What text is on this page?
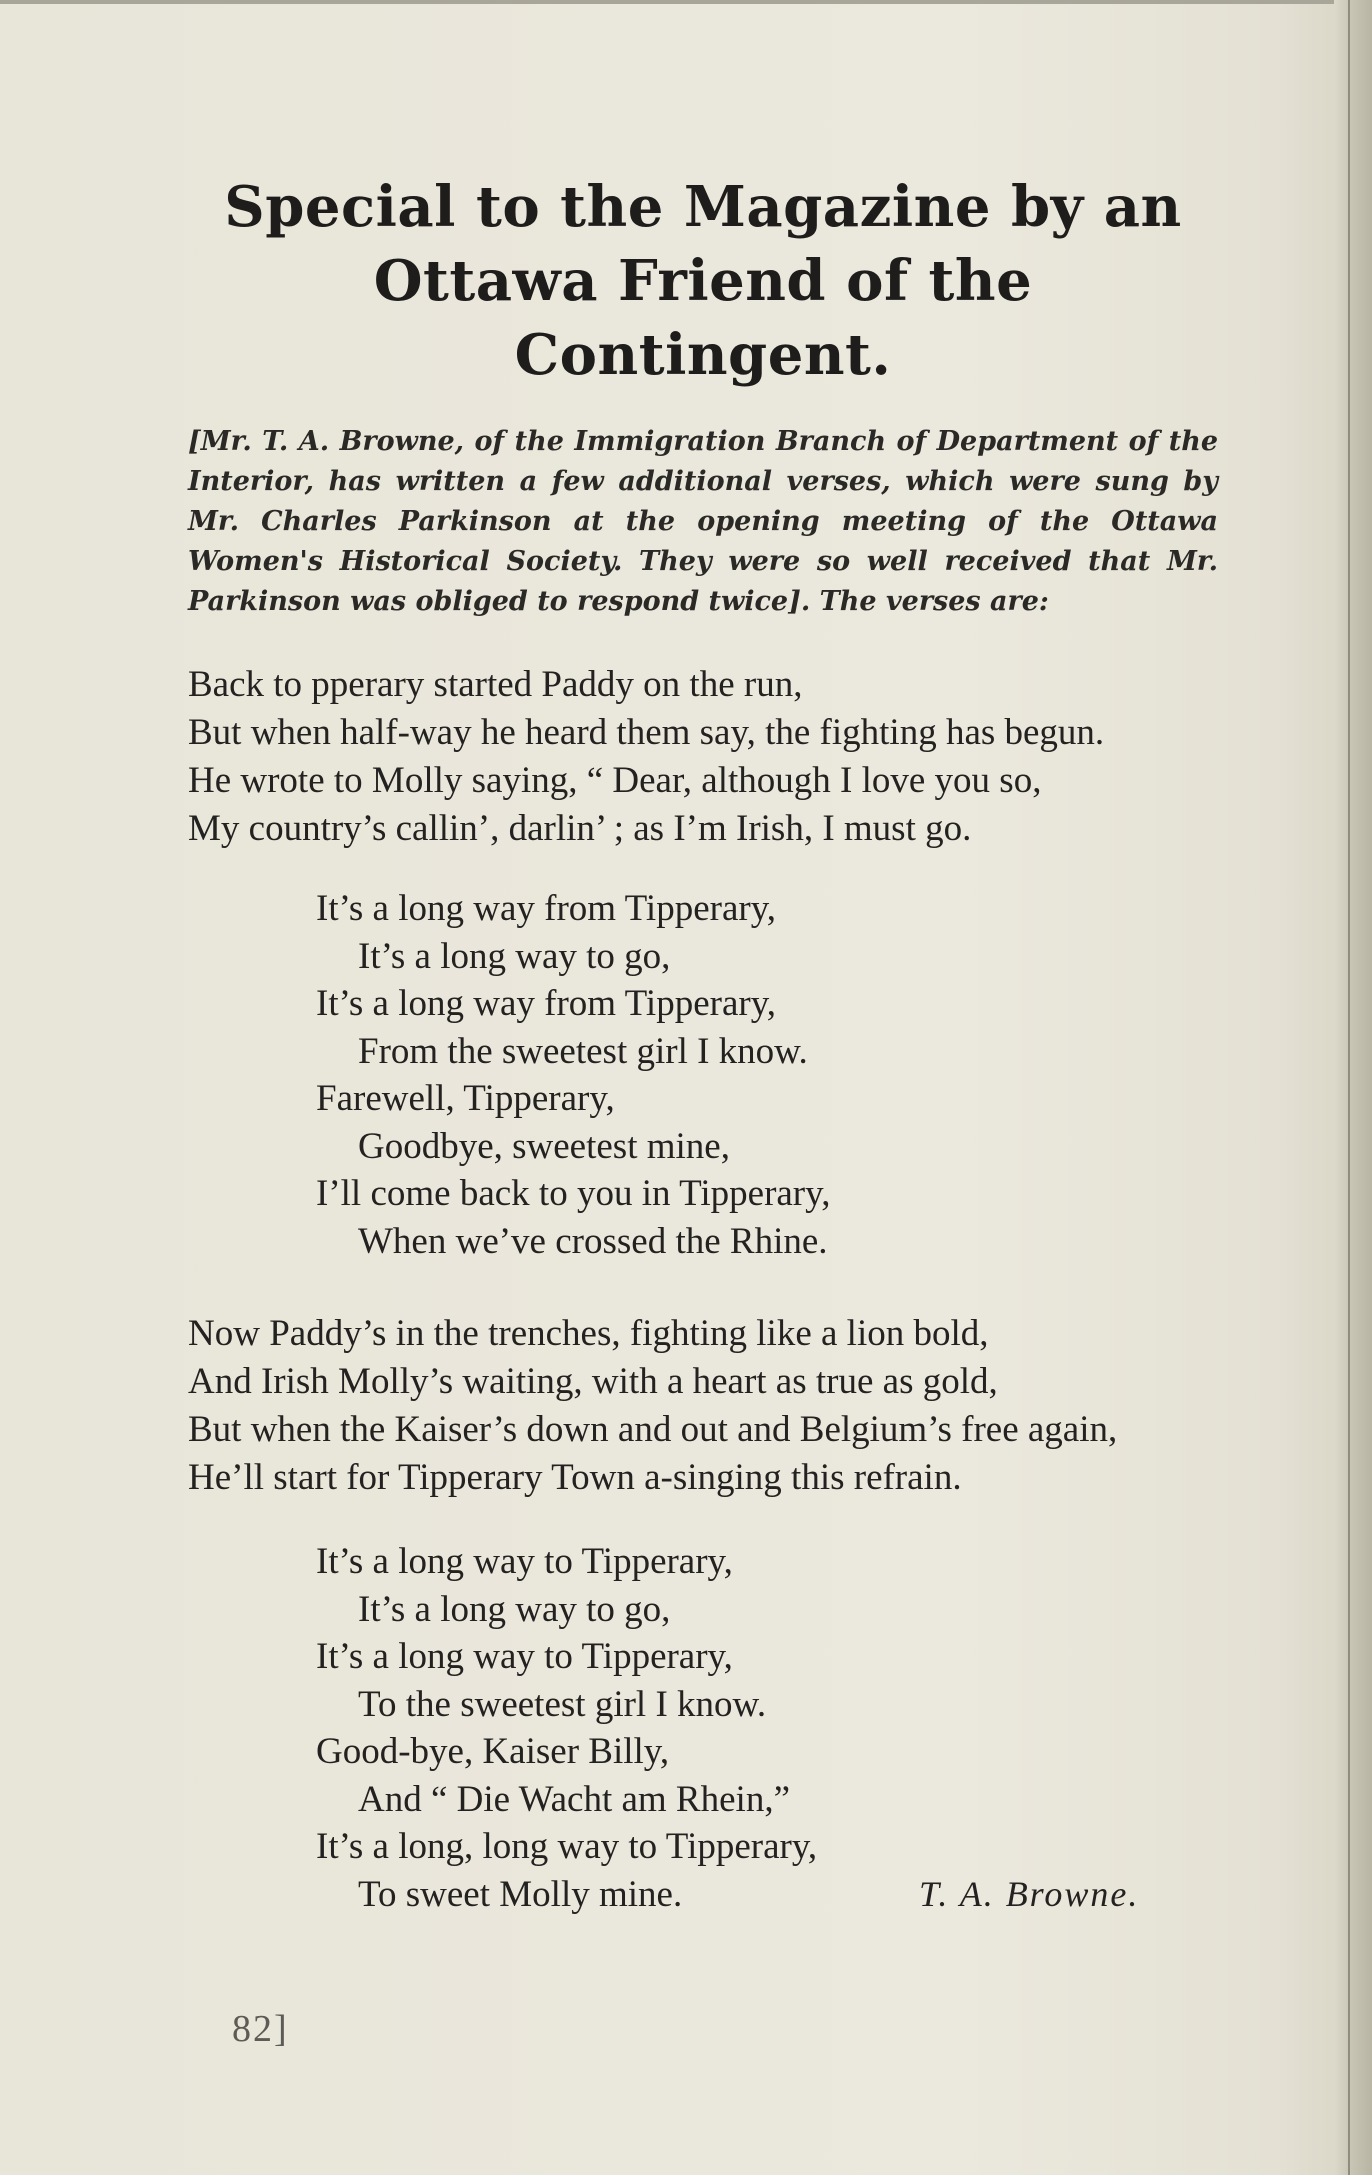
Special to the Magazine by an
Ottawa Friend of the Contingent.

[Mr. T. A. Browne, of the Immigration Branch of Department of the Interior, has written a few additional verses, which were sung by Mr. Charles Parkinson at the opening meeting of the Ottawa Women's Historical Society. They were so well received that Mr. Parkinson was obliged to respond twice]. The verses are:

Back to pperary started Paddy on the run,
But when half-way he heard them say, the fighting has begun.
He wrote to Molly saying, “ Dear, although I love you so,
My country’s callin’, darlin’ ; as I’m Irish, I must go.
It’s a long way from Tipperary,
It’s a long way to go,
It’s a long way from Tipperary,
From the sweetest girl I know.
Farewell, Tipperary,
Goodbye, sweetest mine,
I’ll come back to you in Tipperary,
When we’ve crossed the Rhine.
Now Paddy’s in the trenches, fighting like a lion bold,
And Irish Molly’s waiting, with a heart as true as gold,
But when the Kaiser’s down and out and Belgium’s free again,
He’ll start for Tipperary Town a-singing this refrain.
It’s a long way to Tipperary,
It’s a long way to go,
It’s a long way to Tipperary,
To the sweetest girl I know.
Good-bye, Kaiser Billy,
And “ Die Wacht am Rhein,”
It’s a long, long way to Tipperary,
To sweet Molly mine.	T. A. Browne.
82]
